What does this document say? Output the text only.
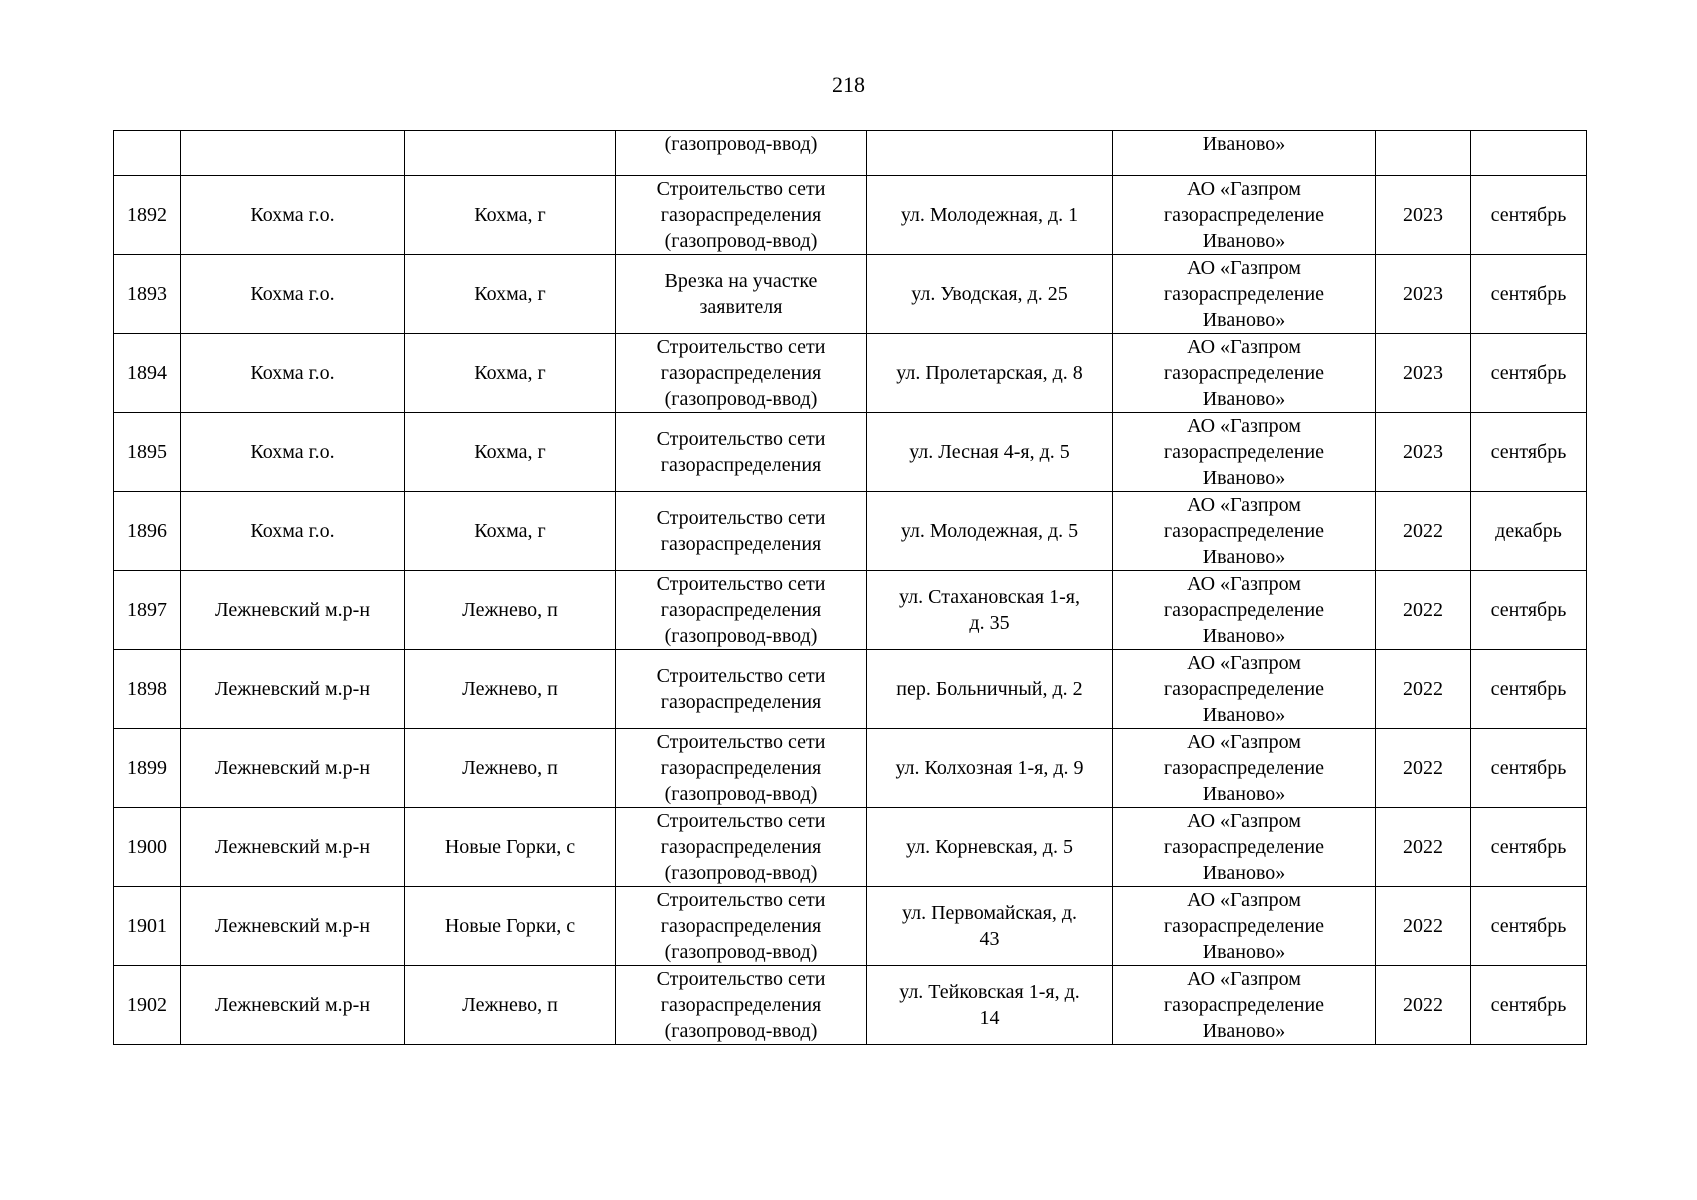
218
			(газопровод-ввод)		Иваново»		
1892	Кохма г.о.	Кохма, г	Строительство сети
газораспределения
(газопровод-ввод)	ул. Молодежная, д. 1	АО «Газпром
газораспределение
Иваново»	2023	сентябрь
1893	Кохма г.о.	Кохма, г	Врезка на участке
заявителя	ул. Уводская, д. 25	АО «Газпром
газораспределение
Иваново»	2023	сентябрь
1894	Кохма г.о.	Кохма, г	Строительство сети
газораспределения
(газопровод-ввод)	ул. Пролетарская, д. 8	АО «Газпром
газораспределение
Иваново»	2023	сентябрь
1895	Кохма г.о.	Кохма, г	Строительство сети
газораспределения	ул. Лесная 4-я, д. 5	АО «Газпром
газораспределение
Иваново»	2023	сентябрь
1896	Кохма г.о.	Кохма, г	Строительство сети
газораспределения	ул. Молодежная, д. 5	АО «Газпром
газораспределение
Иваново»	2022	декабрь
1897	Лежневский м.р-н	Лежнево, п	Строительство сети
газораспределения
(газопровод-ввод)	ул. Стахановская 1-я,
д. 35	АО «Газпром
газораспределение
Иваново»	2022	сентябрь
1898	Лежневский м.р-н	Лежнево, п	Строительство сети
газораспределения	пер. Больничный, д. 2	АО «Газпром
газораспределение
Иваново»	2022	сентябрь
1899	Лежневский м.р-н	Лежнево, п	Строительство сети
газораспределения
(газопровод-ввод)	ул. Колхозная 1-я, д. 9	АО «Газпром
газораспределение
Иваново»	2022	сентябрь
1900	Лежневский м.р-н	Новые Горки, с	Строительство сети
газораспределения
(газопровод-ввод)	ул. Корневская, д. 5	АО «Газпром
газораспределение
Иваново»	2022	сентябрь
1901	Лежневский м.р-н	Новые Горки, с	Строительство сети
газораспределения
(газопровод-ввод)	ул. Первомайская, д.
43	АО «Газпром
газораспределение
Иваново»	2022	сентябрь
1902	Лежневский м.р-н	Лежнево, п	Строительство сети
газораспределения
(газопровод-ввод)	ул. Тейковская 1-я, д.
14	АО «Газпром
газораспределение
Иваново»	2022	сентябрь
